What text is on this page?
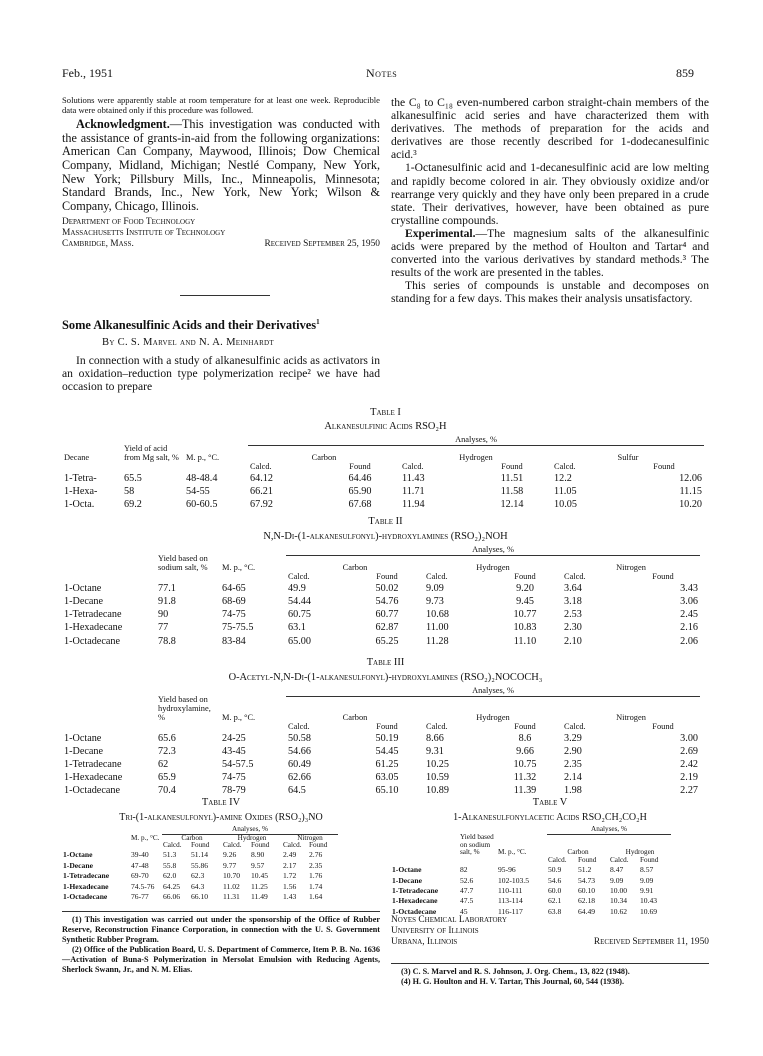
Feb., 1951	Notes	859

Solutions were apparently stable at room temperature for at least one week. Reproducible data were obtained only if this procedure was followed.

Acknowledgment.—This investigation was conducted with the assistance of grants-in-aid from the following organizations: American Can Company, Maywood, Illinois; Dow Chemical Company, Midland, Michigan; Nestlé Company, New York, New York; Pillsbury Mills, Inc., Minneapolis, Minnesota; Standard Brands, Inc., New York, New York; Wilson & Company, Chicago, Illinois.

Department of Food Technology
Massachusetts Institute of Technology
Cambridge, Mass.	Received September 25, 1950
Some Alkanesulfinic Acids and their Derivatives$^1$
By C. S. Marvel and N. A. Meinhardt
In connection with a study of alkanesulfinic acids as activators in an oxidation–reduction type polymerization recipe² we have had occasion to prepare

the C₈ to C₁₈ even-numbered carbon straight-chain members of the alkanesulfinic acid series and have characterized them with derivatives. The methods of preparation for the acids and derivatives are those recently described for 1-dodecanesulfinic acid.³

1-Octanesulfinic acid and 1-decanesulfinic acid are low melting and rapidly become colored in air. They obviously oxidize and/or rearrange very quickly and they have only been prepared in a crude state. Their derivatives, however, have been obtained as pure crystalline compounds.

Experimental.—The magnesium salts of the alkanesulfinic acids were prepared by the method of Houlton and Tartar⁴ and converted into the various derivatives by standard methods.³ The results of the work are presented in the tables.

This series of compounds is unstable and decomposes on standing for a few days. This makes their analysis unsatisfactory.

Table I
Alkanesulfinic Acids RSO₂H
			Analyses, %					
Decane	Yield of acid from Mg salt, %	M. p., °C.	Carbon		Hydrogen		Sulfur	
			Calcd.	Found	Calcd.	Found	Calcd.	Found
1-Tetra-	65.5	48-48.4	64.12	64.46	11.43	11.51	12.2	12.06
1-Hexa-	58	54-55	66.21	65.90	11.71	11.58	11.05	11.15
1-Octa.	69.2	60-60.5	67.92	67.68	11.94	12.14	10.05	10.20
Table II
N,N-Di-(1-alkanesulfonyl)-hydroxylamines (RSO₂)₂NOH
			Analyses, %					
	Yield based on sodium salt, %	M. p., °C.	Carbon		Hydrogen		Nitrogen	
			Calcd.	Found	Calcd.	Found	Calcd.	Found
1-Octane	77.1	64-65	49.9	50.02	9.09	9.20	3.64	3.43
1-Decane	91.8	68-69	54.44	54.76	9.73	9.45	3.18	3.06
1-Tetradecane	90	74-75	60.75	60.77	10.68	10.77	2.53	2.45
1-Hexadecane	77	75-75.5	63.1	62.87	11.00	10.83	2.30	2.16
1-Octadecane	78.8	83-84	65.00	65.25	11.28	11.10	2.10	2.06
Table III
O-Acetyl-N,N-Di-(1-alkanesulfonyl)-hydroxylamines (RSO₂)₂NOCOCH₃
			Analyses, %					
	Yield based on hydroxylamine, %	M. p., °C.	Carbon		Hydrogen		Nitrogen	
			Calcd.	Found	Calcd.	Found	Calcd.	Found
1-Octane	65.6	24-25	50.58	50.19	8.66	8.6	3.29	3.00
1-Decane	72.3	43-45	54.66	54.45	9.31	9.66	2.90	2.69
1-Tetradecane	62	54-57.5	60.49	61.25	10.25	10.75	2.35	2.42
1-Hexadecane	65.9	74-75	62.66	63.05	10.59	11.32	2.14	2.19
1-Octadecane	70.4	78-79	64.5	65.10	10.89	11.39	1.98	2.27
Table IV
Tri-(1-alkanesulfonyl)-amine Oxides (RSO₂)₃NO
		Analyses, %					
	M. p., °C.	Carbon		Hydrogen		Nitrogen	
		Calcd.	Found	Calcd.	Found	Calcd.	Found
1-Octane	39-40	51.3	51.14	9.26	8.90	2.49	2.76
1-Decane	47-48	55.8	55.86	9.77	9.57	2.17	2.35
1-Tetradecane	69-70	62.0	62.3	10.70	10.45	1.72	1.76
1-Hexadecane	74.5-76	64.25	64.3	11.02	11.25	1.56	1.74
1-Octadecane	76-77	66.06	66.10	11.31	11.49	1.43	1.64
(1) This investigation was carried out under the sponsorship of the Office of Rubber Reserve, Reconstruction Finance Corporation, in connection with the U. S. Government Synthetic Rubber Program.
(2) Office of the Publication Board, U. S. Department of Commerce, Item P. B. No. 1636—Activation of Buna-S Polymerization in Mersolat Emulsion with Reducing Agents, Sherlock Swann, Jr., and N. M. Elias.
Table V
1-Alkanesulfonylacetic Acids RSO₂CH₂CO₂H
			Analyses, %			
	Yield based on sodium salt, %	M. p., °C.	Carbon		Hydrogen	
			Calcd.	Found	Calcd.	Found
1-Octane	82	95-96	50.9	51.2	8.47	8.57
1-Decane	52.6	102-103.5	54.6	54.73	9.09	9.09
1-Tetradecane	47.7	110-111	60.0	60.10	10.00	9.91
1-Hexadecane	47.5	113-114	62.1	62.18	10.34	10.43
1-Octadecane	45	116-117	63.8	64.49	10.62	10.69
Noyes Chemical Laboratory
University of Illinois
Urbana, Illinois	Received September 11, 1950
(3) C. S. Marvel and R. S. Johnson, J. Org. Chem., 13, 822 (1948).
(4) H. G. Houlton and H. V. Tartar, This Journal, 60, 544 (1938).
